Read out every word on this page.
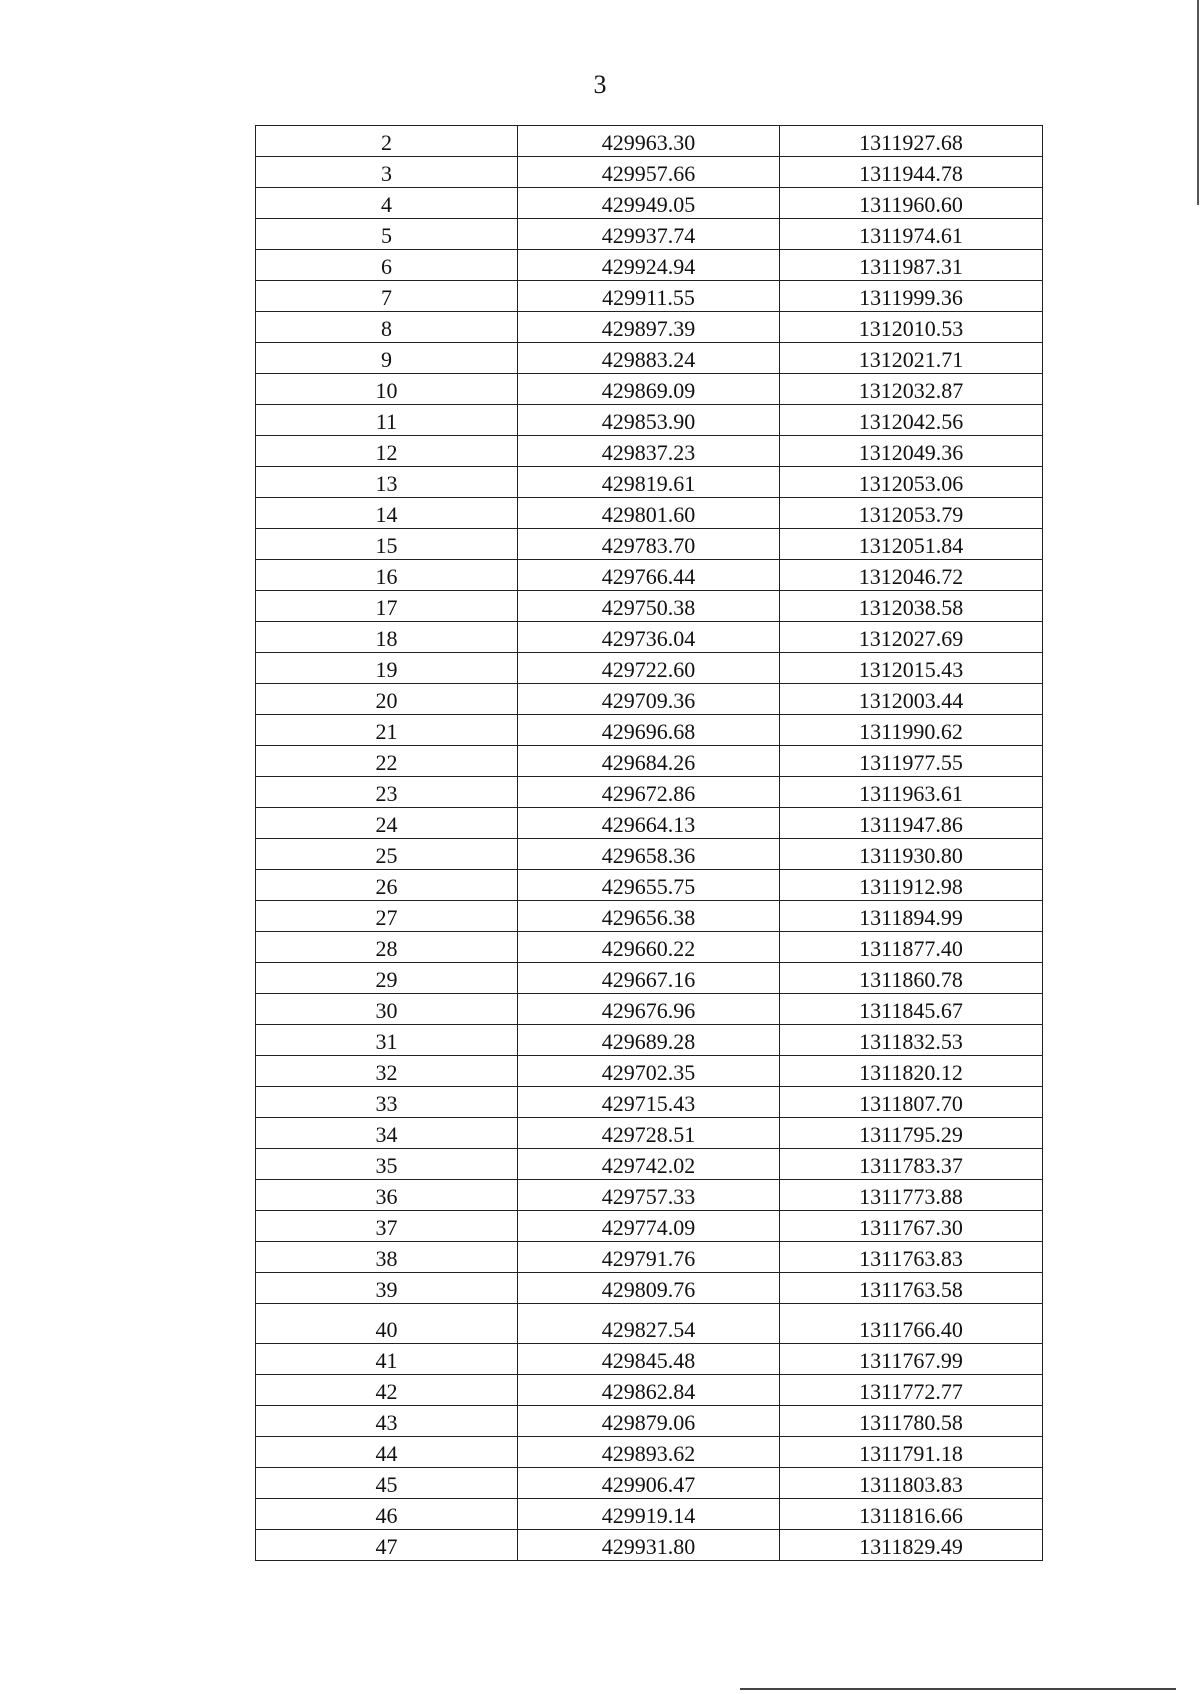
3
2	429963.30	1311927.68
3	429957.66	1311944.78
4	429949.05	1311960.60
5	429937.74	1311974.61
6	429924.94	1311987.31
7	429911.55	1311999.36
8	429897.39	1312010.53
9	429883.24	1312021.71
10	429869.09	1312032.87
11	429853.90	1312042.56
12	429837.23	1312049.36
13	429819.61	1312053.06
14	429801.60	1312053.79
15	429783.70	1312051.84
16	429766.44	1312046.72
17	429750.38	1312038.58
18	429736.04	1312027.69
19	429722.60	1312015.43
20	429709.36	1312003.44
21	429696.68	1311990.62
22	429684.26	1311977.55
23	429672.86	1311963.61
24	429664.13	1311947.86
25	429658.36	1311930.80
26	429655.75	1311912.98
27	429656.38	1311894.99
28	429660.22	1311877.40
29	429667.16	1311860.78
30	429676.96	1311845.67
31	429689.28	1311832.53
32	429702.35	1311820.12
33	429715.43	1311807.70
34	429728.51	1311795.29
35	429742.02	1311783.37
36	429757.33	1311773.88
37	429774.09	1311767.30
38	429791.76	1311763.83
39	429809.76	1311763.58
40	429827.54	1311766.40
41	429845.48	1311767.99
42	429862.84	1311772.77
43	429879.06	1311780.58
44	429893.62	1311791.18
45	429906.47	1311803.83
46	429919.14	1311816.66
47	429931.80	1311829.49
